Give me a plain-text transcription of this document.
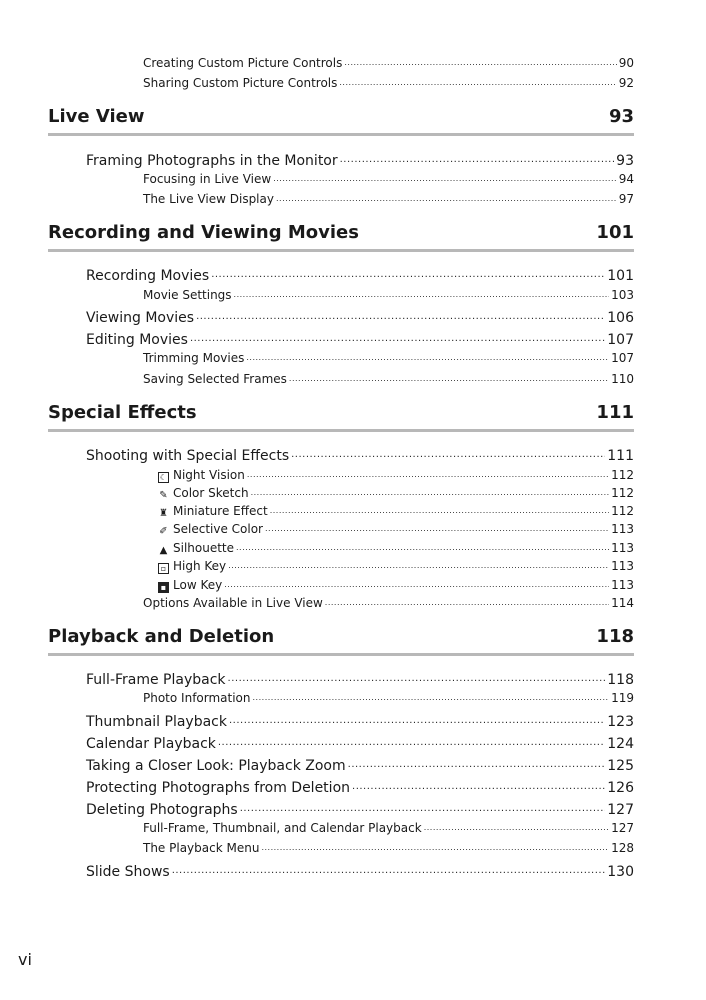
Creating Custom Picture Controls .....	90
Sharing Custom Picture Controls .....	92
Live View	93
Framing Photographs in the Monitor .....	93
Focusing in Live View .....	94
The Live View Display .....	97
Recording and Viewing Movies	101
Recording Movies .....	101
Movie Settings .....	103
Viewing Movies .....	106
Editing Movies .....	107
Trimming Movies .....	107
Saving Selected Frames .....	110
Special Effects	111
Shooting with Special Effects .....	111
☾ Night Vision .....	112
✎ Color Sketch .....	112
♜ Miniature Effect .....	112
✐ Selective Color .....	113
▲ Silhouette .....	113
▫ High Key .....	113
▪ Low Key .....	113
Options Available in Live View .....	114
Playback and Deletion	118
Full-Frame Playback .....	118
Photo Information .....	119
Thumbnail Playback .....	123
Calendar Playback .....	124
Taking a Closer Look: Playback Zoom .....	125
Protecting Photographs from Deletion .....	126
Deleting Photographs .....	127
Full-Frame, Thumbnail, and Calendar Playback .....	127
The Playback Menu .....	128
Slide Shows .....	130
vi
